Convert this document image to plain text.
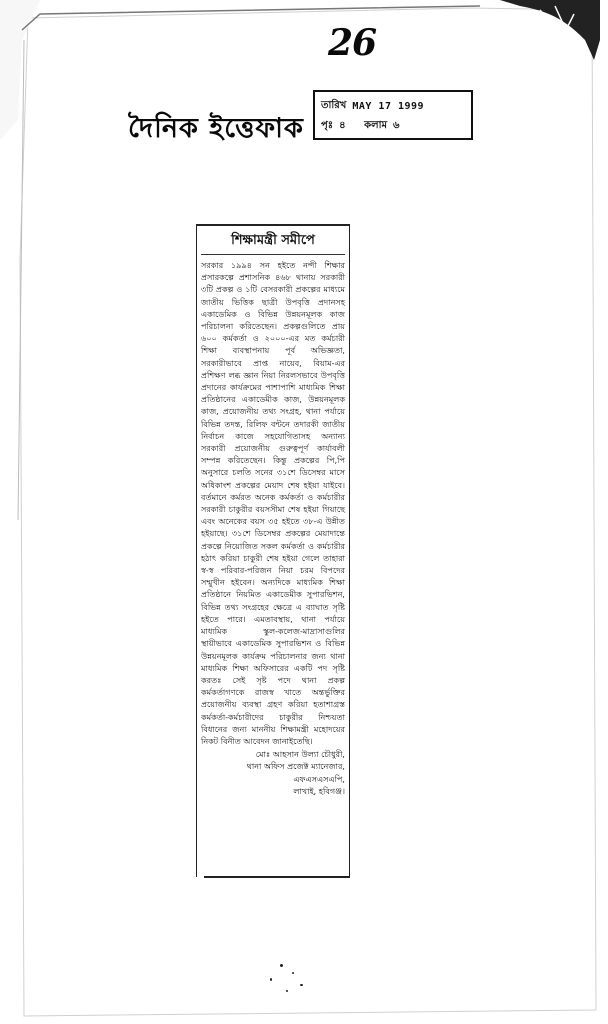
26
দৈনিক ইত্তেফাক
তারিখ MAY 17 1999
পৃঃ ৪ কলাম ৬
শিক্ষামন্ত্রী সমীপে

সরকার ১৯৯৪ সন হইতে নন্দী শিক্ষার প্রসারকল্পে প্রশাসনিক ৪৬৮ থানায় সরকারী ৩টি প্রকল্প ও ১টি বেসরকারী প্রকল্পের মাধ্যমে জাতীয় ভিত্তিক ছাত্রী উপবৃত্তি প্রদানসহ একাডেমিক ও বিভিন্ন উন্নয়নমূলক কাজ পরিচালনা করিতেছেন। প্রকল্পগুলিতে প্রায় ৬০০ কর্মকর্তা ও ২০০০-এর মত কর্মচারী শিক্ষা ব্যবস্থাপনায় পূর্ব অভিজ্ঞতা, সরকারীভাবে প্রাপ্ত নায়েব, বিয়াম-এর প্রশিক্ষণ লব্ধ জ্ঞান নিয়া নিরলসভাবে উপবৃত্তি প্রদানের কার্যক্রমের পাশাপাশি মাধ্যমিক শিক্ষা প্রতিষ্ঠানের একাডেমীক কাজ, উন্নয়নমূলক কাজ, প্রয়োজনীয় তথ্য সংগ্রহ, থানা পর্যায়ে বিভিন্ন তদন্ত, রিলিফ বন্টনে তদারকী জাতীয় নির্বাচন কাজে সহযোগিতাসহ অন্যান্য সরকারী প্রয়োজনীয় গুরুত্বপূর্ণ কার্যাবলী সম্পন্ন করিতেছেন। কিন্তু প্রকল্পের পি,পি অনুসারে চলতি সনের ৩১শে ডিসেম্বর মাসে অধিকাংশ প্রকল্পের মেয়াদ শেষ হইয়া যাইবে। বর্তমানে কর্মরত অনেক কর্মকর্তা ও কর্মচারীর সরকারী চাকুরীর বয়সসীমা শেষ হইয়া গিয়াছে এবং অনেকের বয়স ৩৫ হইতে ৩৮-এ উন্নীত হইয়াছে। ৩১শে ডিসেম্বর প্রকল্পের মেয়াদান্তে প্রকল্পে নিয়োজিত সকল কর্মকর্তা ও কর্মচারীর হঠাৎ করিয়া চাকুরী শেষ হইয়া গেলে তাহারা স্ব-স্ব পরিবার-পরিজন নিয়া চরম বিপদের সম্মুখীন হইবেন। অন্যদিকে মাধ্যমিক শিক্ষা প্রতিষ্ঠানে নিয়মিত একাডেমীক সুপারভিশন, বিভিন্ন তথ্য সংগ্রহের ক্ষেত্রে এ ব্যাঘাত সৃষ্টি হইতে পারে। এমতাবস্থায়, থানা পর্যায়ে মাধ্যমিক স্কুল-কলেজ-মাদ্রাসাগুলির স্থায়ীভাবে একাডেমিক সুপারভিশন ও বিভিন্ন উন্নয়নমূলক কার্যক্রম পরিচালনার জন্য থানা মাধ্যমিক শিক্ষা অফিসারের একটি পদ সৃষ্টি করতঃ সেই সৃষ্ট পদে থানা প্রকল্প কর্মকর্তাগণকে রাজস্ব খাতে অন্তর্ভুক্তির প্রয়োজনীয় ব্যবস্থা গ্রহণ করিয়া হতাশাগ্রস্ত কর্মকর্তা-কর্মচারীদের চাকুরীর নিশ্চয়তা বিধানের জন্য মাননীয় শিক্ষামন্ত্রী মহোদয়ের নিকট বিনীত আবেদন জানাইতেছি।

মোঃ আহসান উল্যা চৌধুরী,
থানা অফিস প্রজেক্ট ম্যানেজার,
এফএসএসএপি,
লাখাই, হবিগঞ্জ।
